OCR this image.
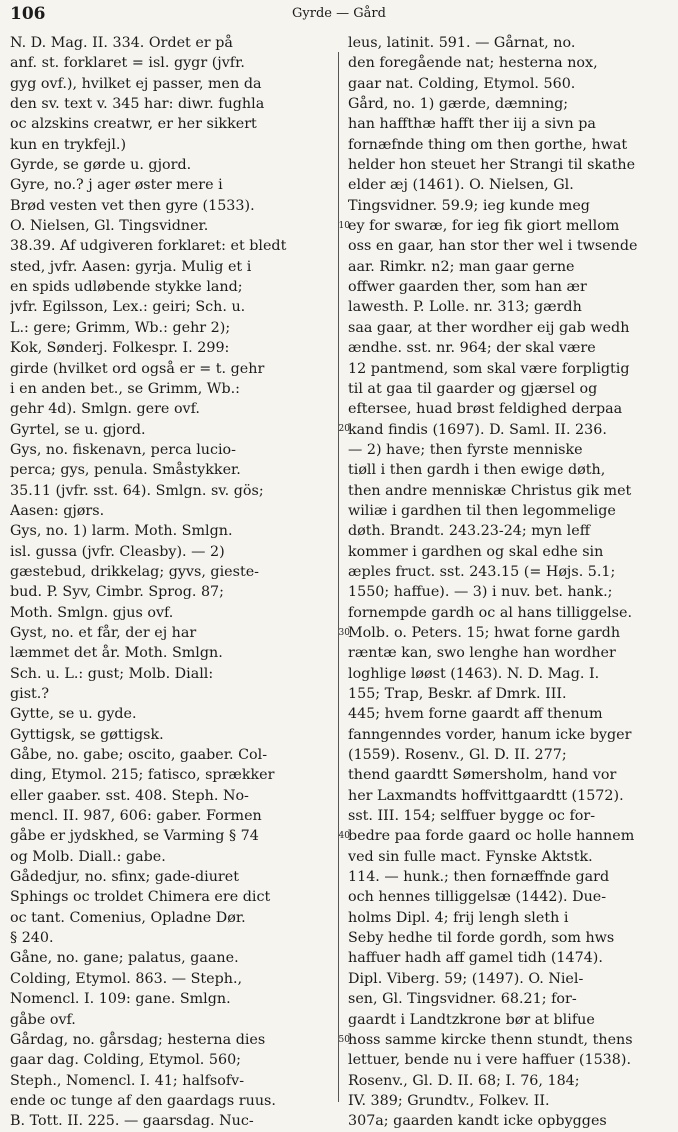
106	Gyrde — Gård
10
20
30
40
50
N. D. Mag. II. 334. Ordet er på
anf. st. forklaret = isl. gygr (jvfr.
gyg ovf.), hvilket ej passer, men da
den sv. text v. 345 har: diwr. fughla
oc alzskins creatwr, er her sikkert
kun en trykfejl.)
Gyrde, se gørde u. gjord.
Gyre, no.? j ager øster mere i
Brød vesten vet then gyre (1533).
O. Nielsen, Gl. Tingsvidner.
38.39. Af udgiveren forklaret: et bledt
sted, jvfr. Aasen: gyrja. Mulig et i
en spids udløbende stykke land;
jvfr. Egilsson, Lex.: geiri; Sch. u.
L.: gere; Grimm, Wb.: gehr 2);
Kok, Sønderj. Folkespr. I. 299:
girde (hvilket ord også er = t. gehr
i en anden bet., se Grimm, Wb.:
gehr 4d). Smlgn. gere ovf.
Gyrtel, se u. gjord.
Gys, no. fiskenavn, perca lucio-
perca; gys, penula. Småstykker.
35.11 (jvfr. sst. 64). Smlgn. sv. gös;
Aasen: gjørs.
Gys, no. 1) larm. Moth. Smlgn.
isl. gussa (jvfr. Cleasby). — 2)
gæstebud, drikkelag; gyvs, gieste-
bud. P. Syv, Cimbr. Sprog. 87;
Moth. Smlgn. gjus ovf.
Gyst, no. et får, der ej har
læmmet det år. Moth. Smlgn.
Sch. u. L.: gust; Molb. Diall:
gist.?
Gytte, se u. gyde.
Gyttigsk, se gøttigsk.
Gåbe, no. gabe; oscito, gaaber. Col-
ding, Etymol. 215; fatisco, sprækker
eller gaaber. sst. 408. Steph. No-
mencl. II. 987, 606: gaber. Formen
gåbe er jydskhed, se Varming § 74
og Molb. Diall.: gabe.
Gådedjur, no. sfinx; gade-diuret
Sphings oc troldet Chimera ere dict
oc tant. Comenius, Opladne Dør.
§ 240.
Gåne, no. gane; palatus, gaane.
Colding, Etymol. 863. — Steph.,
Nomencl. I. 109: gane. Smlgn.
gåbe ovf.
Gårdag, no. gårsdag; hesterna dies
gaar dag. Colding, Etymol. 560;
Steph., Nomencl. I. 41; halfsofv-
ende oc tunge af den gaardags ruus.
B. Tott. II. 225. — gaarsdag. Nuc-
leus, latinit. 591. — Gårnat, no.
den foregående nat; hesterna nox,
gaar nat. Colding, Etymol. 560.
Gård, no. 1) gærde, dæmning;
han haffthæ hafft ther iij a sivn pa
fornæfnde thing om then gorthe, hwat
helder hon steuet her Strangi til skathe
elder æj (1461). O. Nielsen, Gl.
Tingsvidner. 59.9; ieg kunde meg
ey for swaræ, for ieg fik giort mellom
oss en gaar, han stor ther wel i twsende
aar. Rimkr. n2; man gaar gerne
offwer gaarden ther, som han ær
lawesth. P. Lolle. nr. 313; gærdh
saa gaar, at ther wordher eij gab wedh
ændhe. sst. nr. 964; der skal være
12 pantmend, som skal være forpligtig
til at gaa til gaarder og gjærsel og
eftersee, huad brøst feldighed derpaa
kand findis (1697). D. Saml. II. 236.
— 2) have; then fyrste menniske
tiøll i then gardh i then ewige døth,
then andre menniskæ Christus gik met
wiliæ i gardhen til then legommelige
døth. Brandt. 243.23-24; myn leff
kommer i gardhen og skal edhe sin
æples fruct. sst. 243.15 (= Højs. 5.1;
1550; haffue). — 3) i nuv. bet. hank.;
fornempde gardh oc al hans tilliggelse.
Molb. o. Peters. 15; hwat forne gardh
ræntæ kan, swo lenghe han wordher
loghlige løøst (1463). N. D. Mag. I.
155; Trap, Beskr. af Dmrk. III.
445; hvem forne gaardt aff thenum
fanngenndes vorder, hanum icke byger
(1559). Rosenv., Gl. D. II. 277;
thend gaardtt Sømersholm, hand vor
her Laxmandts hoffvittgaardtt (1572).
sst. III. 154; selffuer bygge oc for-
bedre paa forde gaard oc holle hannem
ved sin fulle mact. Fynske Aktstk.
114. — hunk.; then fornæffnde gard
och hennes tilliggelsæ (1442). Due-
holms Dipl. 4; frij lengh sleth i
Seby hedhe til forde gordh, som hws
haffuer hadh aff gamel tidh (1474).
Dipl. Viberg. 59; (1497). O. Niel-
sen, Gl. Tingsvidner. 68.21; for-
gaardt i Landtzkrone bør at blifue
hoss samme kircke thenn stundt, thens
lettuer, bende nu i vere haffuer (1538).
Rosenv., Gl. D. II. 68; I. 76, 184;
IV. 389; Grundtv., Folkev. II.
307a; gaarden kandt icke opbygges
